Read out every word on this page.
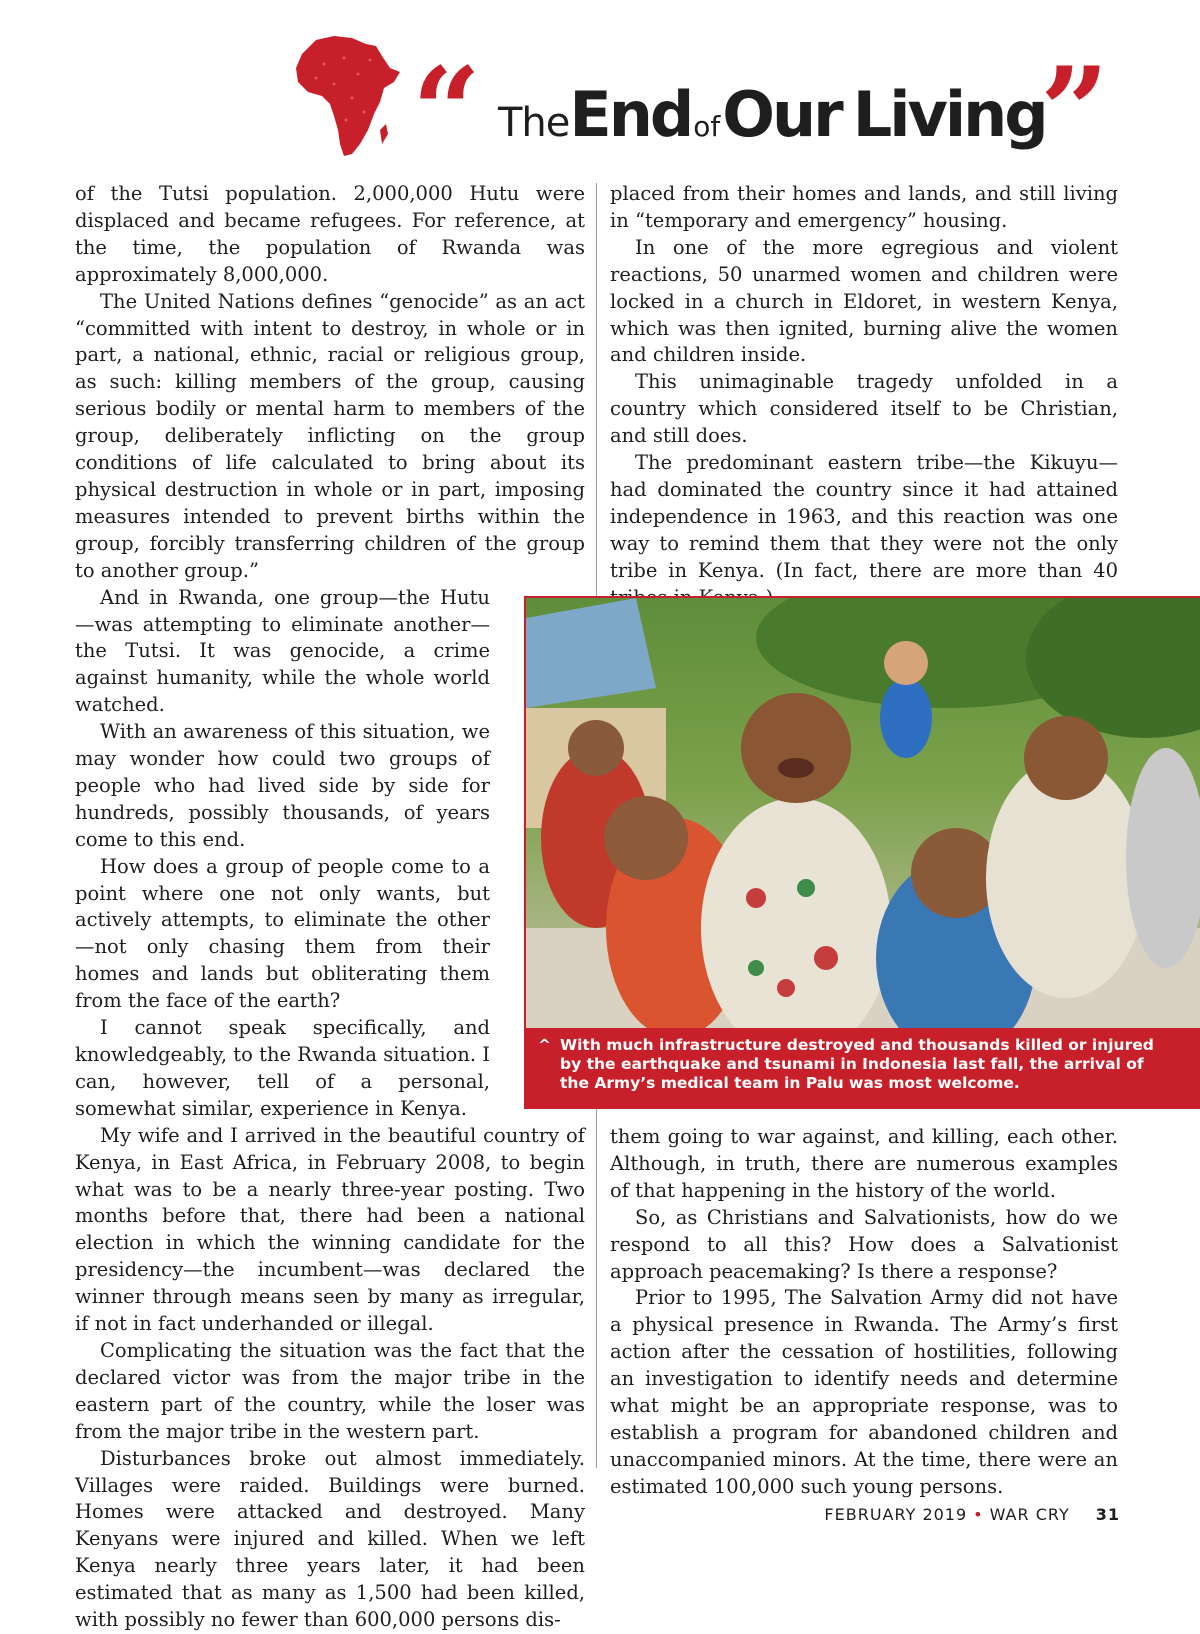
“ The End of Our Living
”

of the Tutsi population. 2,000,000 Hutu were displaced and became refugees. For reference, at the time, the population of Rwanda was approximately 8,000,000.

The United Nations defines “genocide” as an act “committed with intent to destroy, in whole or in part, a national, ethnic, racial or religious group, as such: killing members of the group, causing serious bodily or mental harm to members of the group, deliberately inflicting on the group conditions of life calculated to bring about its physical destruction in whole or in part, imposing measures intended to prevent births within the group, forcibly transferring children of the group to another group.”

And in Rwanda, one group—the Hutu—was attempting to eliminate another—the Tutsi. It was genocide, a crime against humanity, while the whole world watched.

With an awareness of this situation, we may wonder how could two groups of people who had lived side by side for hundreds, possibly thousands, of years come to this end.

How does a group of people come to a point where one not only wants, but actively attempts, to eliminate the other—not only chasing them from their homes and lands but obliterating them from the face of the earth?

I cannot speak specifically, and knowledgeably, to the Rwanda situation. I can, however, tell of a personal, somewhat similar, experience in Kenya.

My wife and I arrived in the beautiful country of Kenya, in East Africa, in February 2008, to begin what was to be a nearly three-year posting. Two months before that, there had been a national election in which the winning candidate for the presidency—the incumbent—was declared the winner through means seen by many as irregular, if not in fact underhanded or illegal.

Complicating the situation was the fact that the declared victor was from the major tribe in the eastern part of the country, while the loser was from the major tribe in the western part.

Disturbances broke out almost immediately. Villages were raided. Buildings were burned. Homes were attacked and destroyed. Many Kenyans were injured and killed. When we left Kenya nearly three years later, it had been estimated that as many as 1,500 had been killed, with possibly no fewer than 600,000 persons dis-

placed from their homes and lands, and still living in “temporary and emergency” housing.

In one of the more egregious and violent reactions, 50 unarmed women and children were locked in a church in Eldoret, in western Kenya, which was then ignited, burning alive the women and children inside.

This unimaginable tragedy unfolded in a country which considered itself to be Christian, and still does.

The predominant eastern tribe—the Kikuyu—had dominated the country since it had attained independence in 1963, and this reaction was one way to remind them that they were not the only tribe in Kenya. (In fact, there are more than 40

^ With much infrastructure destroyed and thousands killed or injured by the earthquake and tsunami in Indonesia last fall, the arrival of the Army’s medical team in Palu was most welcome.

them going to war against, and killing, each other. Although, in truth, there are numerous examples of that happening in the history of the world.

So, as Christians and Salvationists, how do we respond to all this? How does a Salvationist approach peacemaking? Is there a response?

Prior to 1995, The Salvation Army did not have a physical presence in Rwanda. The Army’s first action after the cessation of hostilities, following an investigation to identify needs and determine what might be an appropriate response, was to establish a program for abandoned children and unaccompanied minors. At the time, there were an estimated 100,000 such young persons.

FEBRUARY 2019 • WAR CRY 31
